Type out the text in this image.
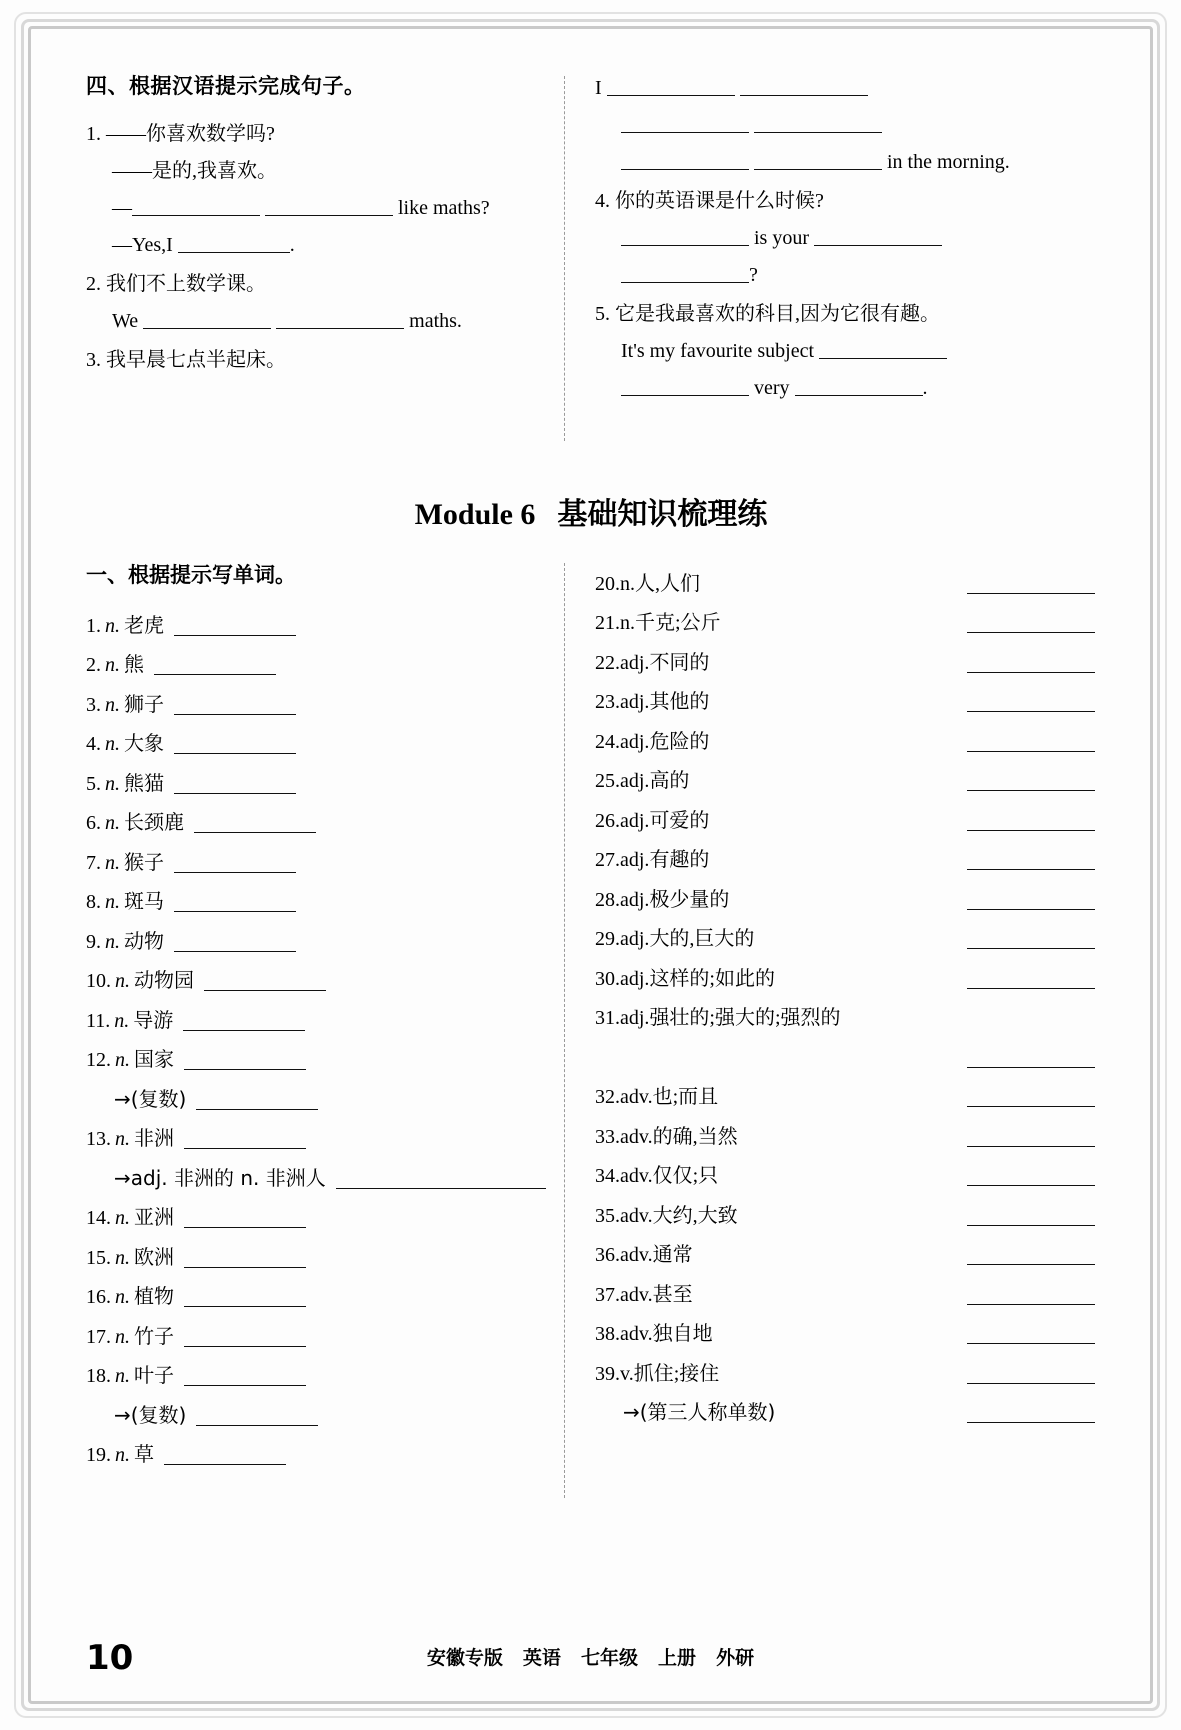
四、根据汉语提示完成句子。
1. ——你喜欢数学吗?
——是的,我喜欢。
—	like maths?
—Yes,I	.
2. 我们不上数学课。
We	maths.
3. 我早晨七点半起床。
I

in the morning.
4. 你的英语课是什么时候?
is your
?
5. 它是我最喜欢的科目,因为它很有趣。
It's my favourite subject
very	.
Module 6 基础知识梳理练
一、根据提示写单词。
1. n. 老虎
2. n. 熊
3. n. 狮子
4. n. 大象
5. n. 熊猫
6. n. 长颈鹿
7. n. 猴子
8. n. 斑马
9. n. 动物
10. n. 动物园
11. n. 导游
12. n. 国家
→(复数)
13. n. 非洲
→adj. 非洲的 n. 非洲人
14. n. 亚洲
15. n. 欧洲
16. n. 植物
17. n. 竹子
18. n. 叶子
→(复数)
19. n. 草
20.n.人,人们
21.n.千克;公斤
22.adj.不同的
23.adj.其他的
24.adj.危险的
25.adj.高的
26.adj.可爱的
27.adj.有趣的
28.adj.极少量的
29.adj.大的,巨大的
30.adj.这样的;如此的
31.adj.强壮的;强大的;强烈的
32.adv.也;而且
33.adv.的确,当然
34.adv.仅仅;只
35.adv.大约,大致
36.adv.通常
37.adv.甚至
38.adv.独自地
39.v.抓住;接住
→(第三人称单数)
10	安徽专版 英语 七年级 上册 外研
